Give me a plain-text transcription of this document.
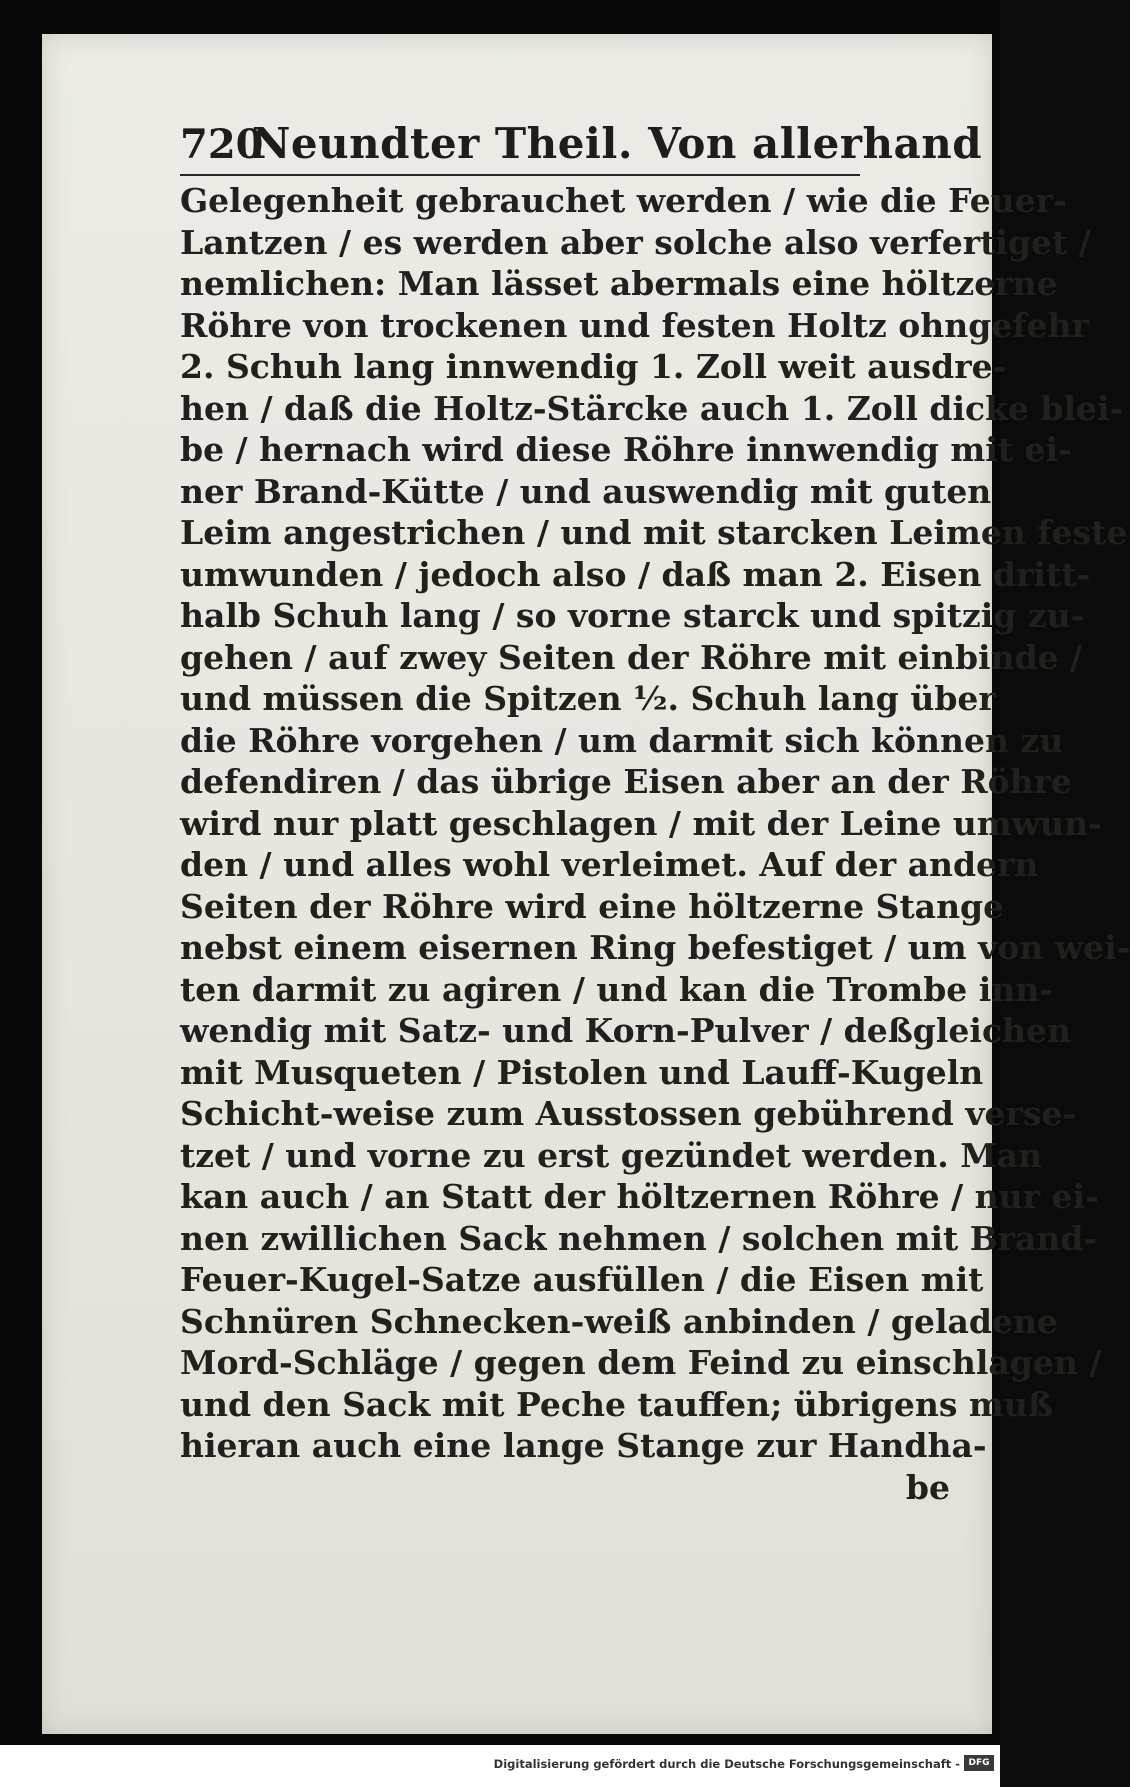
720
Neundter Theil. Von allerhand
Gelegenheit gebrauchet werden / wie die Feuer-
Lantzen / es werden aber solche also verfertiget /
nemlichen: Man lässet abermals eine höltzerne
Röhre von trockenen und festen Holtz ohngefehr
2. Schuh lang innwendig 1. Zoll weit ausdre-
hen / daß die Holtz-Stärcke auch 1. Zoll dicke blei-
be / hernach wird diese Röhre innwendig mit ei-
ner Brand-Kütte / und auswendig mit guten
Leim angestrichen / und mit starcken Leimen feste
umwunden / jedoch also / daß man 2. Eisen dritt-
halb Schuh lang / so vorne starck und spitzig zu-
gehen / auf zwey Seiten der Röhre mit einbinde /
und müssen die Spitzen ½. Schuh lang über
die Röhre vorgehen / um darmit sich können zu
defendiren / das übrige Eisen aber an der Röhre
wird nur platt geschlagen / mit der Leine umwun-
den / und alles wohl verleimet. Auf der andern
Seiten der Röhre wird eine höltzerne Stange
nebst einem eisernen Ring befestiget / um von wei-
ten darmit zu agiren / und kan die Trombe inn-
wendig mit Satz- und Korn-Pulver / deßgleichen
mit Musqueten / Pistolen und Lauff-Kugeln
Schicht-weise zum Ausstossen gebührend verse-
tzet / und vorne zu erst gezündet werden. Man
kan auch / an Statt der höltzernen Röhre / nur ei-
nen zwillichen Sack nehmen / solchen mit Brand-
Feuer-Kugel-Satze ausfüllen / die Eisen mit
Schnüren Schnecken-weiß anbinden / geladene
Mord-Schläge / gegen dem Feind zu einschlagen /
und den Sack mit Peche tauffen; übrigens muß
hieran auch eine lange Stange zur Handha-
be
Digitalisierung gefördert durch die Deutsche Forschungsgemeinschaft - DFG
